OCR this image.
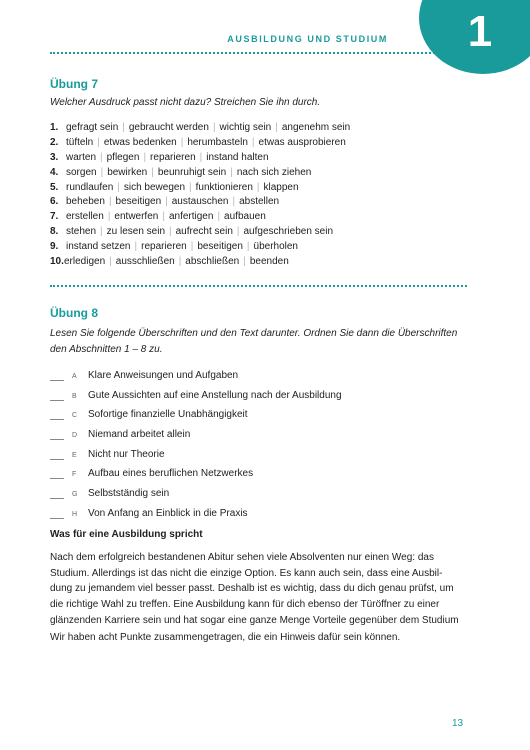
1
AUSBILDUNG UND STUDIUM
Übung 7
Welcher Ausdruck passt nicht dazu? Streichen Sie ihn durch.
1. gefragt sein | gebraucht werden | wichtig sein | angenehm sein
2. tüfteln | etwas bedenken | herumbasteln | etwas ausprobieren
3. warten | pflegen | reparieren | instand halten
4. sorgen | bewirken | beunruhigt sein | nach sich ziehen
5. rundlaufen | sich bewegen | funktionieren | klappen
6. beheben | beseitigen | austauschen | abstellen
7. erstellen | entwerfen | anfertigen | aufbauen
8. stehen | zu lesen sein | aufrecht sein | aufgeschrieben sein
9. instand setzen | reparieren | beseitigen | überholen
10.erledigen | ausschließen | abschließen | beenden
Übung 8
Lesen Sie folgende Überschriften und den Text darunter. Ordnen Sie dann die Überschriften den Abschnitten 1 – 8 zu.
A Klare Anweisungen und Aufgaben
B Gute Aussichten auf eine Anstellung nach der Ausbildung
C Sofortige finanzielle Unabhängigkeit
D Niemand arbeitet allein
E Nicht nur Theorie
F Aufbau eines beruflichen Netzwerkes
G Selbstständig sein
H Von Anfang an Einblick in die Praxis
Was für eine Ausbildung spricht
Nach dem erfolgreich bestandenen Abitur sehen viele Absolventen nur einen Weg: das
Studium. Allerdings ist das nicht die einzige Option. Es kann auch sein, dass eine Ausbil-
dung zu jemandem viel besser passt. Deshalb ist es wichtig, dass du dich genau prüfst, um
die richtige Wahl zu treffen. Eine Ausbildung kann für dich ebenso der Türöffner zu einer
glänzenden Karriere sein und hat sogar eine ganze Menge Vorteile gegenüber dem Studium
Wir haben acht Punkte zusammengetragen, die ein Hinweis dafür sein können.
13
